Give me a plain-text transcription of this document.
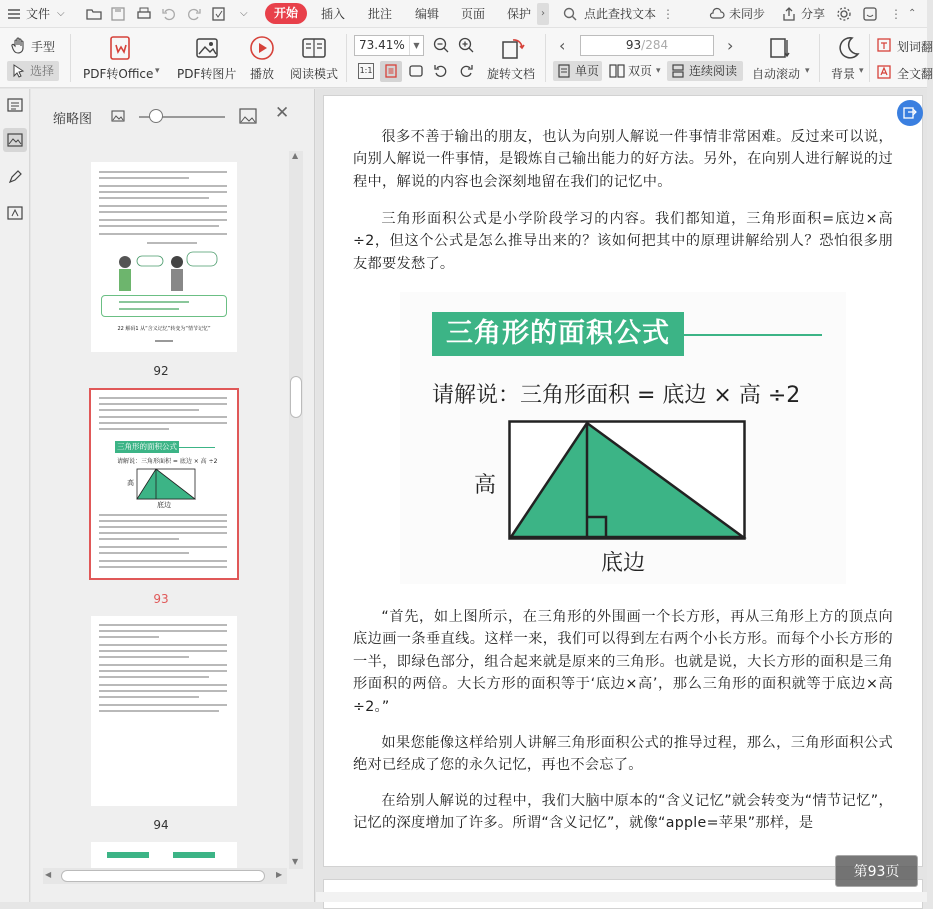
文件 ⌵	⌵	开始	插入 批注 编辑 页面 保护 ›	点此查找文本 ⋮	未同步	分享	⋮ ⌃
手型
选择 PDF转Office ▾ PDF转图片 播放 阅读模式
73.41%	▼
1:1	旋转文档
‹	93/284	›
单页 双页 ▾ 连续阅读 自动滚动 ▾ 背景 ▾
划词翻
全文翻
缩略图	✕
22 解码1 从“含义记忆”转变为“情节记忆”
92
三角形的面积公式
请解说：三角形面积 = 底边 × 高 ÷2
高
底边
93
94
▲
▼
◀	▶

很多不善于输出的朋友，也认为向别人解说一件事情非常困难。反过来可以说，向别人解说一件事情，是锻炼自己输出能力的好方法。另外，在向别人进行解说的过程中，解说的内容也会深刻地留在我们的记忆中。

三角形面积公式是小学阶段学习的内容。我们都知道，三角形面积=底边×高÷2，但这个公式是怎么推导出来的？该如何把其中的原理讲解给别人？恐怕很多朋友都要发愁了。

三角形的面积公式
请解说：三角形面积 = 底边 × 高 ÷2
高
底边

“首先，如上图所示，在三角形的外围画一个长方形，再从三角形上方的顶点向底边画一条垂直线。这样一来，我们可以得到左右两个小长方形。而每个小长方形的一半，即绿色部分，组合起来就是原来的三角形。也就是说，大长方形的面积是三角形面积的两倍。大长方形的面积等于‘底边×高’，那么三角形的面积就等于底边×高÷2。”

如果您能像这样给别人讲解三角形面积公式的推导过程，那么，三角形面积公式绝对已经成了您的永久记忆，再也不会忘了。

在给别人解说的过程中，我们大脑中原本的“含义记忆”就会转变为“情节记忆”，记忆的深度增加了许多。所谓“含义记忆”，就像“apple=苹果”那样，是

第93页
